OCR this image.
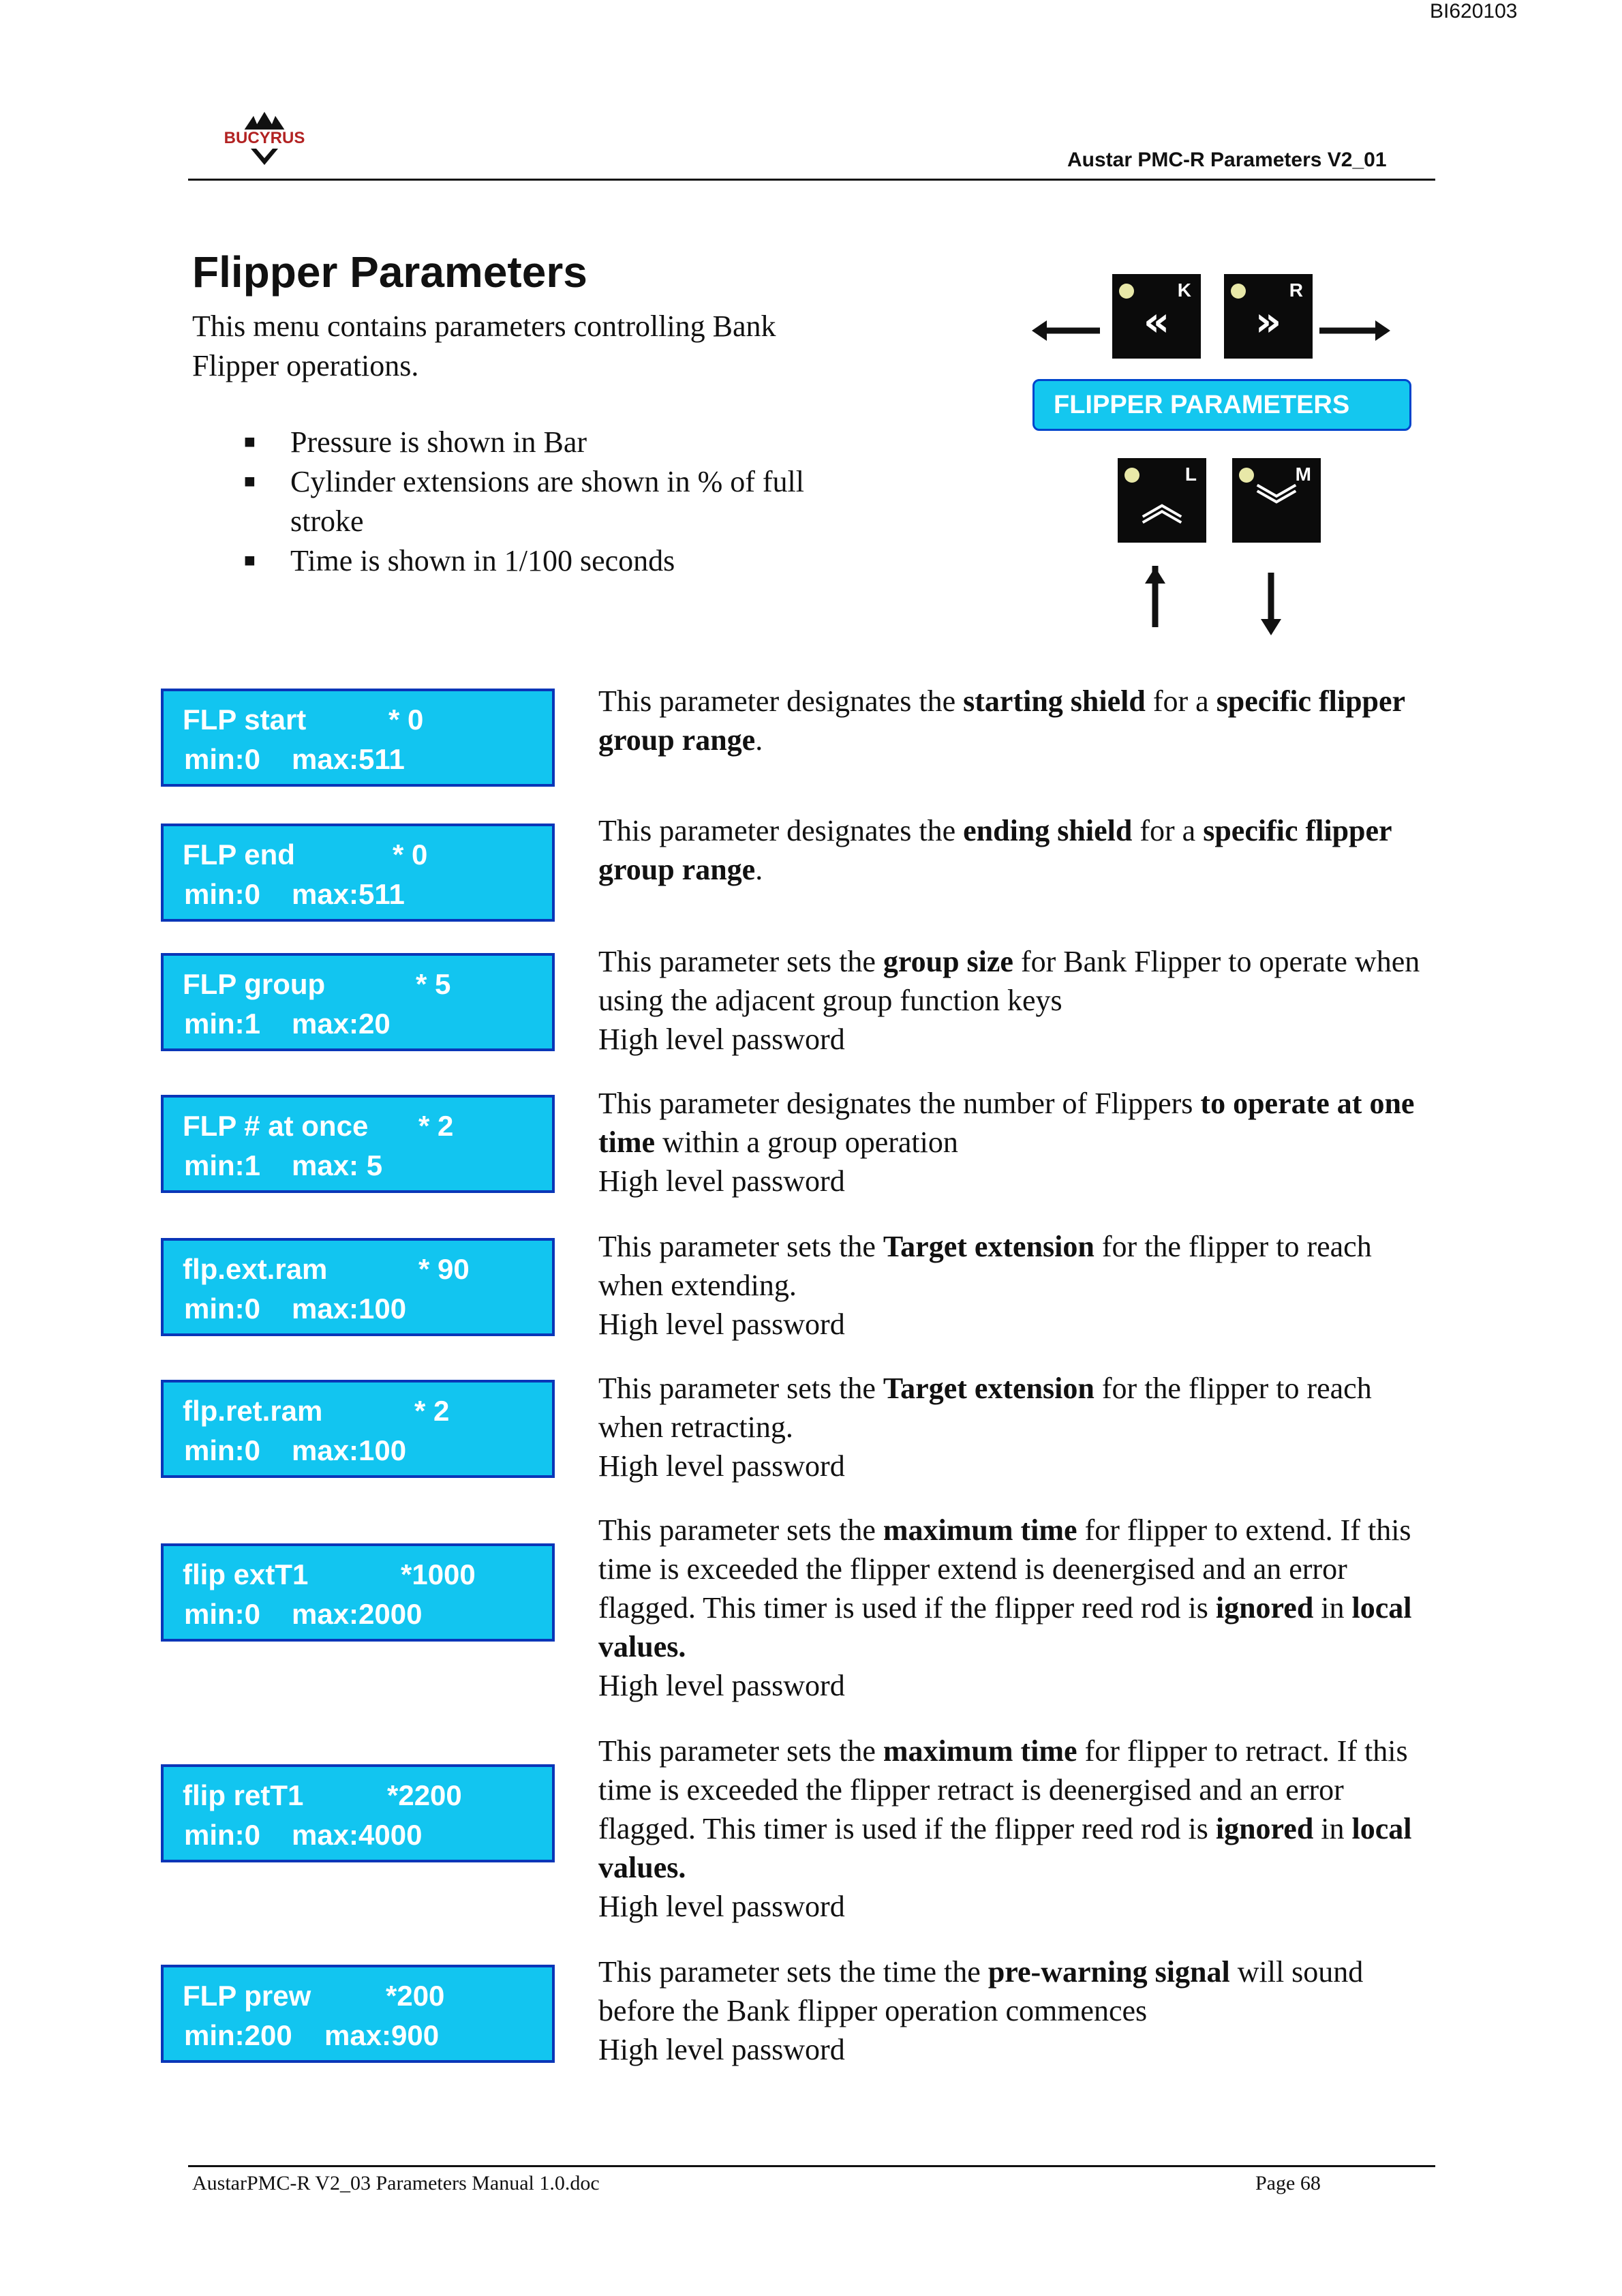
BI620103
BUCYRUS
Austar PMC-R Parameters V2_01
Flipper Parameters
This menu contains parameters controlling Bank Flipper operations.
■ Pressure is shown in Bar
■ Cylinder extensions are shown in % of full stroke
■ Time is shown in 1/100 seconds
K
«
R
»
FLIPPER PARAMETERS
L
︽
M
︾
FLP start	* 0
min:0 max:511
This parameter designates the starting shield for a specific flipper group range.
FLP end	* 0
min:0 max:511
This parameter designates the ending shield for a specific flipper group range.
FLP group	* 5
min:1 max:20
This parameter sets the group size for Bank Flipper to operate when using the adjacent group function keys
High level password
FLP # at once * 2
min:1 max: 5
This parameter designates the number of Flippers to operate at one time within a group operation
High level password
flp.ext.ram	* 90
min:0 max:100
This parameter sets the Target extension for the flipper to reach when extending.
High level password
flp.ret.ram	* 2
min:0 max:100
This parameter sets the Target extension for the flipper to reach when retracting.
High level password
flip extT1	*1000
min:0 max:2000
This parameter sets the maximum time for flipper to extend. If this time is exceeded the flipper extend is deenergised and an error flagged. This timer is used if the flipper reed rod is ignored in local values.
High level password
flip retT1	*2200
min:0 max:4000
This parameter sets the maximum time for flipper to retract. If this time is exceeded the flipper retract is deenergised and an error flagged. This timer is used if the flipper reed rod is ignored in local values.
High level password
FLP prew	*200
min:200 max:900
This parameter sets the time the pre-warning signal will sound before the Bank flipper operation commences
High level password
AustarPMC-R V2_03 Parameters Manual 1.0.doc	Page 68
